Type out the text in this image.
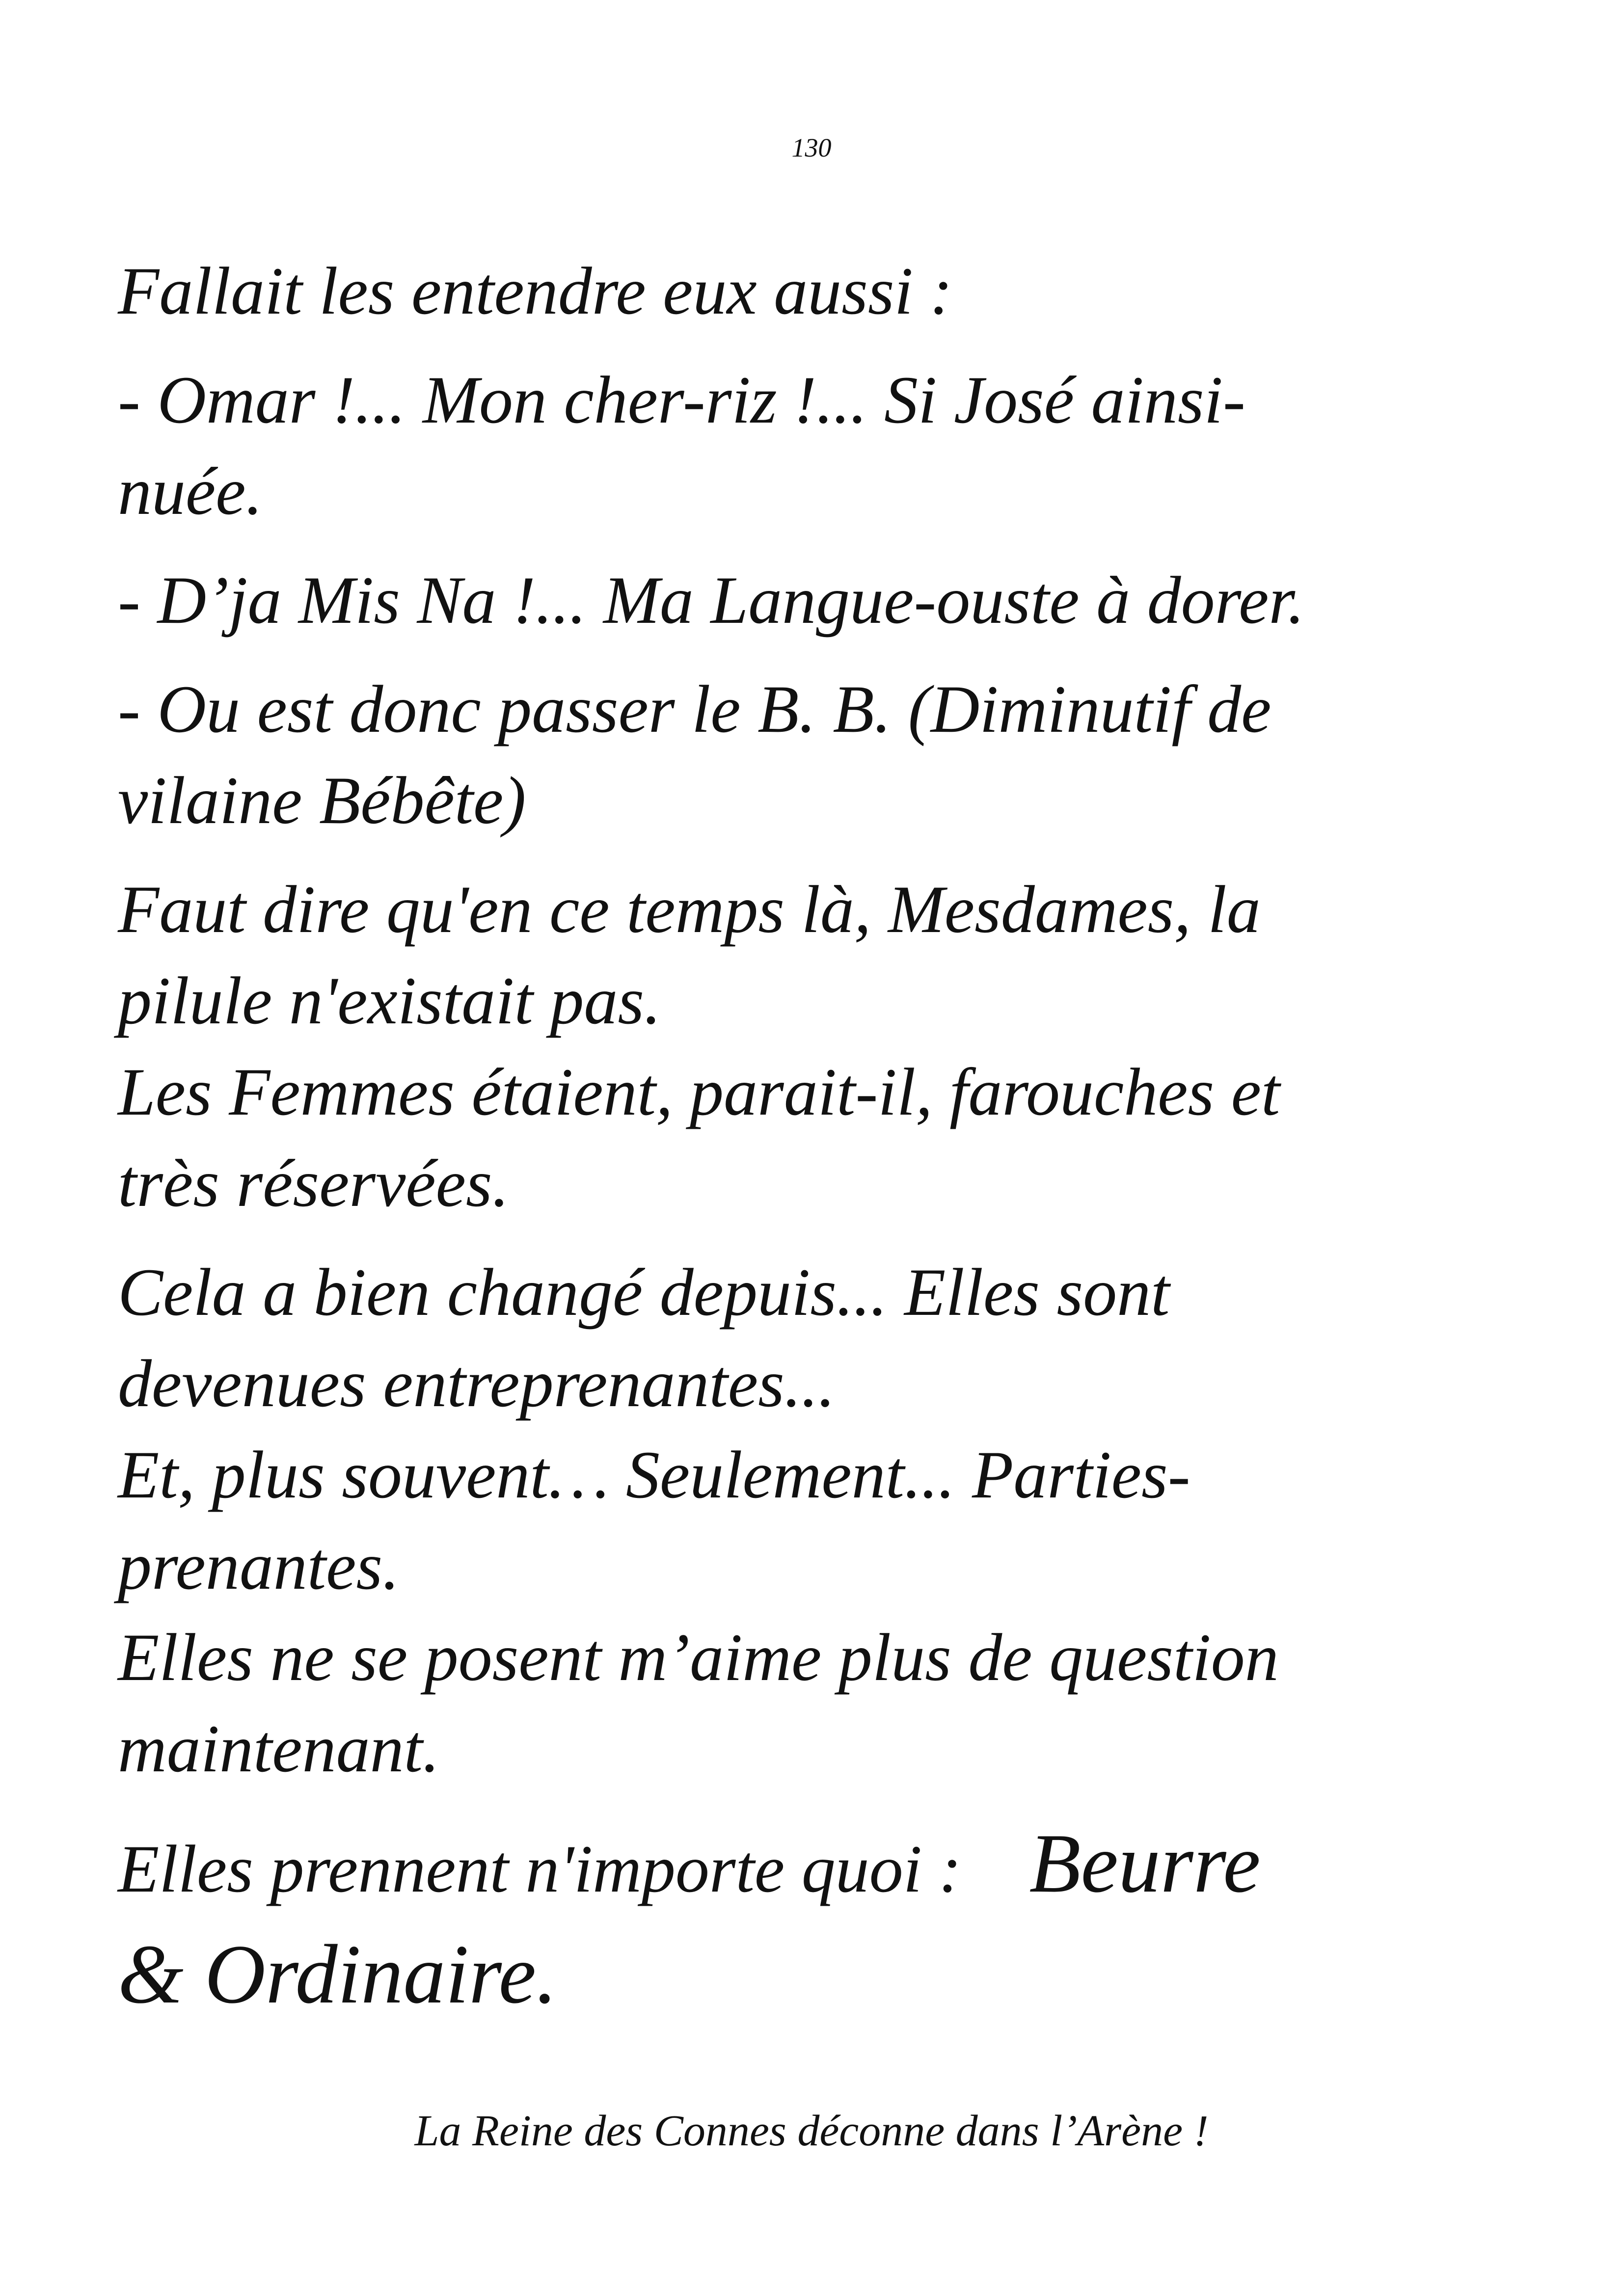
130

Fallait les entendre eux aussi :

- Omar !... Mon cher-riz !... Si José ainsi-
nuée.

- D’ja Mis Na !... Ma Langue-ouste à dorer.

- Ou est donc passer le B. B. (Diminutif de
vilaine Bébête)

Faut dire qu'en ce temps là, Mesdames, la
pilule n'existait pas.
Les Femmes étaient, parait-il, farouches et
très réservées.

Cela a bien changé depuis... Elles sont
devenues entreprenantes...
Et, plus souvent… Seulement... Parties-
prenantes.
Elles ne se posent m’aime plus de question
maintenant.

Elles prennent n'importe quoi : Beurre
& Ordinaire.

La Reine des Connes déconne dans l’Arène !
